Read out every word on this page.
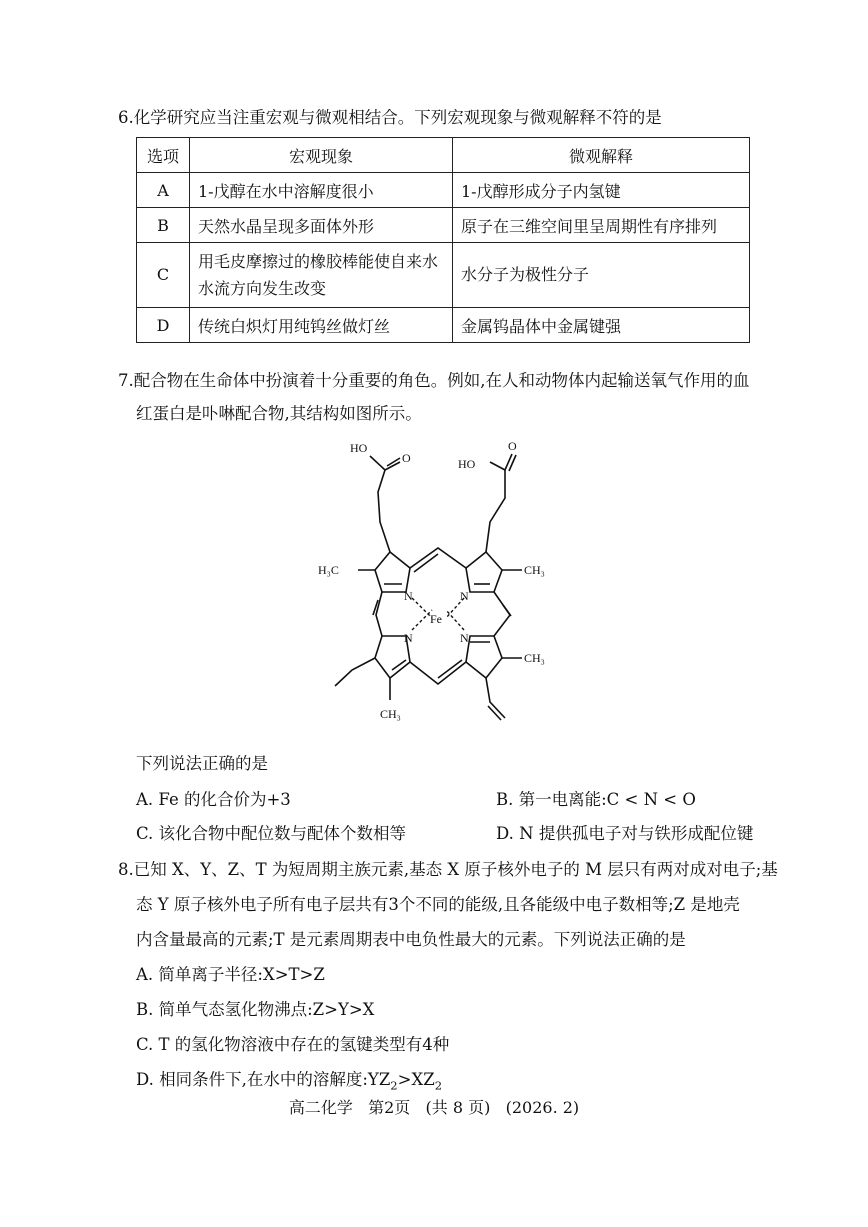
6.化学研究应当注重宏观与微观相结合。下列宏观现象与微观解释不符的是
选项	宏观现象	微观解释
A	1-戊醇在水中溶解度很小	1-戊醇形成分子内氢键
B	天然水晶呈现多面体外形	原子在三维空间里呈周期性有序排列
C	用毛皮摩擦过的橡胶棒能使自来水水流方向发生改变	水分子为极性分子
D	传统白炽灯用纯钨丝做灯丝	金属钨晶体中金属键强
7.配合物在生命体中扮演着十分重要的角色。例如,在人和动物体内起输送氧气作用的血
红蛋白是卟啉配合物,其结构如图所示。
HO
O	HO
O
H₃C	CH₃
CH₃
CH₃
N	N
N	N
Fe
下列说法正确的是
A. Fe 的化合价为+3	B. 第一电离能:C < N < O
C. 该化合物中配位数与配体个数相等	D. N 提供孤电子对与铁形成配位键
8.已知 X、Y、Z、T 为短周期主族元素,基态 X 原子核外电子的 M 层只有两对成对电子;基
态 Y 原子核外电子所有电子层共有3个不同的能级,且各能级中电子数相等;Z 是地壳
内含量最高的元素;T 是元素周期表中电负性最大的元素。下列说法正确的是
A. 简单离子半径:X>T>Z
B. 简单气态氢化物沸点:Z>Y>X
C. T 的氢化物溶液中存在的氢键类型有4种
D. 相同条件下,在水中的溶解度$:YZ_2>XZ_2$
高二化学   第2页   (共 8 页)   (2026. 2)
